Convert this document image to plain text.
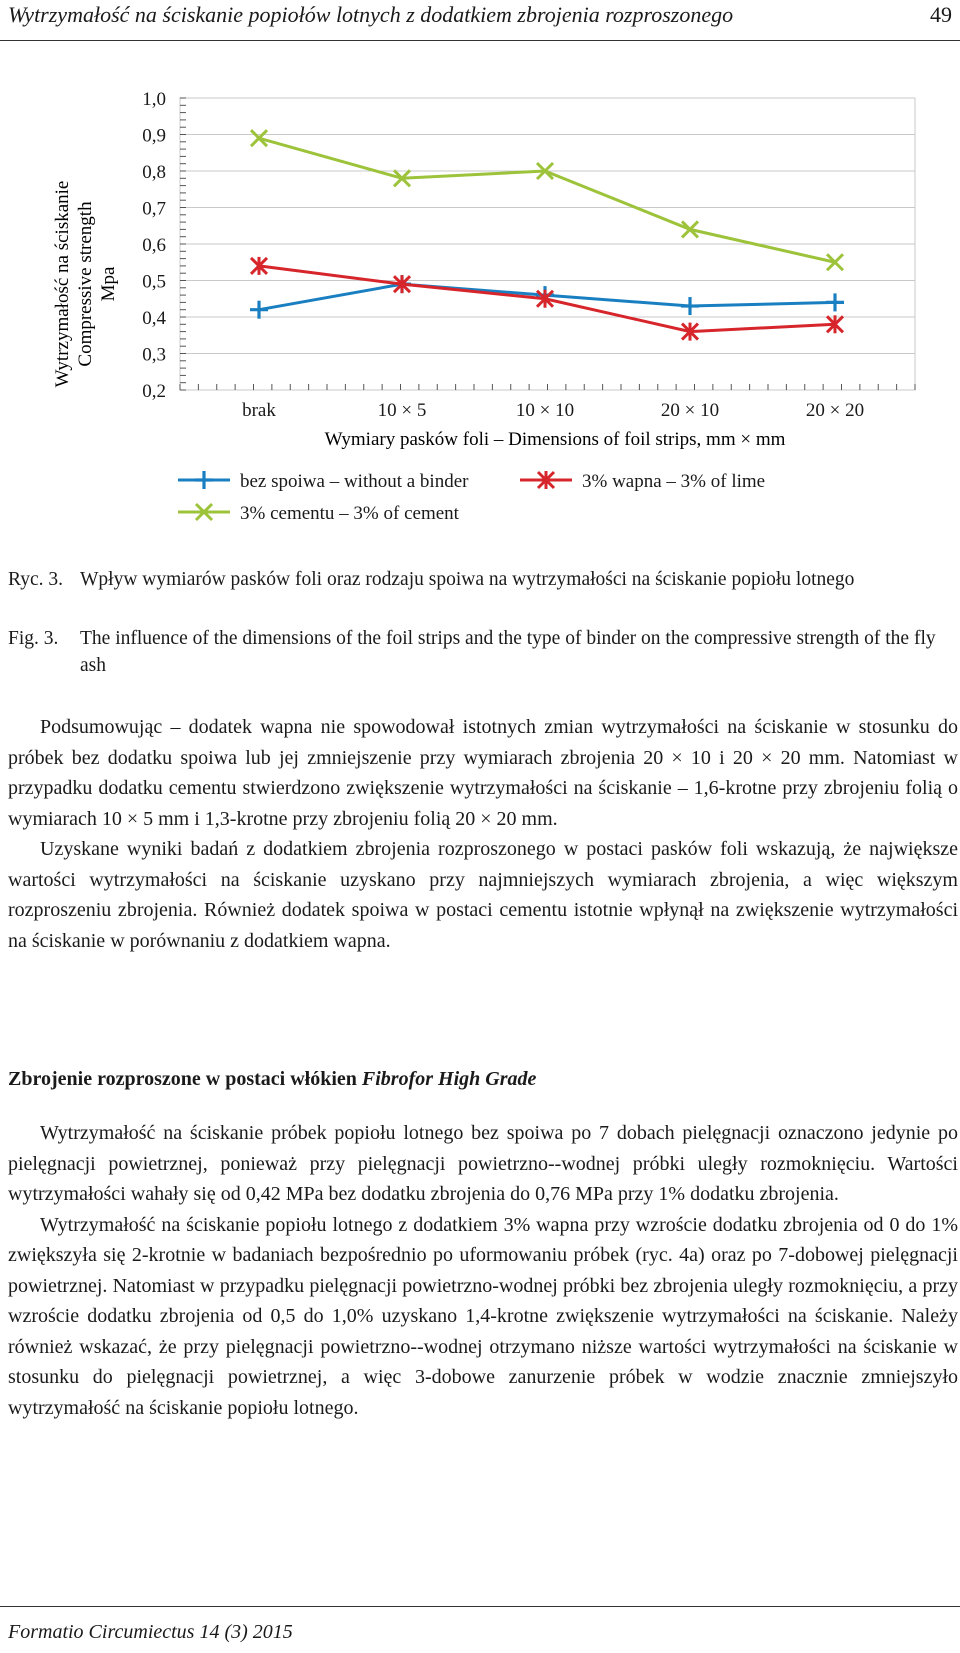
Wytrzymałość na ściskanie popiołów lotnych z dodatkiem zbrojenia rozproszonego	49
1,0
0,9
0,8
0,7
0,6
0,5
0,4
0,3
0,2
Wytrzymałość na ściskanie Compressive strength Mpa
brak	10 × 5	10 × 10	20 × 10	20 × 20
Wymiary pasków foli – Dimensions of foil strips, mm × mm
bez spoiwa – without a binder	3% wapna – 3% of lime
3% cementu – 3% of cement
Ryc. 3. Wpływ wymiarów pasków foli oraz rodzaju spoiwa na wytrzymałości na ściskanie popiołu lotnego
Fig. 3. The influence of the dimensions of the foil strips and the type of binder on the compressive strength of the fly ash

Podsumowując – dodatek wapna nie spowodował istotnych zmian wytrzymałości na ściskanie w stosunku do próbek bez dodatku spoiwa lub jej zmniejszenie przy wymiarach zbrojenia 20 × 10 i 20 × 20 mm. Natomiast w przypadku dodatku cementu stwierdzono zwiększenie wytrzymałości na ściskanie – 1,6-krotne przy zbrojeniu folią o wymiarach 10 × 5 mm i 1,3-krotne przy zbrojeniu folią 20 × 20 mm.

Uzyskane wyniki badań z dodatkiem zbrojenia rozproszonego w postaci pasków foli wskazują, że największe wartości wytrzymałości na ściskanie uzyskano przy najmniejszych wymiarach zbrojenia, a więc większym rozproszeniu zbrojenia. Również dodatek spoiwa w postaci cementu istotnie wpłynął na zwiększenie wytrzymałości na ściskanie w porównaniu z dodatkiem wapna.

Zbrojenie rozproszone w postaci włókien Fibrofor High Grade

Wytrzymałość na ściskanie próbek popiołu lotnego bez spoiwa po 7 dobach pielęgnacji oznaczono jedynie po pielęgnacji powietrznej, ponieważ przy pielęgnacji powietrzno--wodnej próbki uległy rozmoknięciu. Wartości wytrzymałości wahały się od 0,42 MPa bez dodatku zbrojenia do 0,76 MPa przy 1% dodatku zbrojenia.

Wytrzymałość na ściskanie popiołu lotnego z dodatkiem 3% wapna przy wzroście dodatku zbrojenia od 0 do 1% zwiększyła się 2-krotnie w badaniach bezpośrednio po uformowaniu próbek (ryc. 4a) oraz po 7-dobowej pielęgnacji powietrznej. Natomiast w przypadku pielęgnacji powietrzno-wodnej próbki bez zbrojenia uległy rozmoknięciu, a przy wzroście dodatku zbrojenia od 0,5 do 1,0% uzyskano 1,4-krotne zwiększenie wytrzymałości na ściskanie. Należy również wskazać, że przy pielęgnacji powietrzno--wodnej otrzymano niższe wartości wytrzymałości na ściskanie w stosunku do pielęgnacji powietrznej, a więc 3-dobowe zanurzenie próbek w wodzie znacznie zmniejszyło wytrzymałość na ściskanie popiołu lotnego.

Formatio Circumiectus 14 (3) 2015
